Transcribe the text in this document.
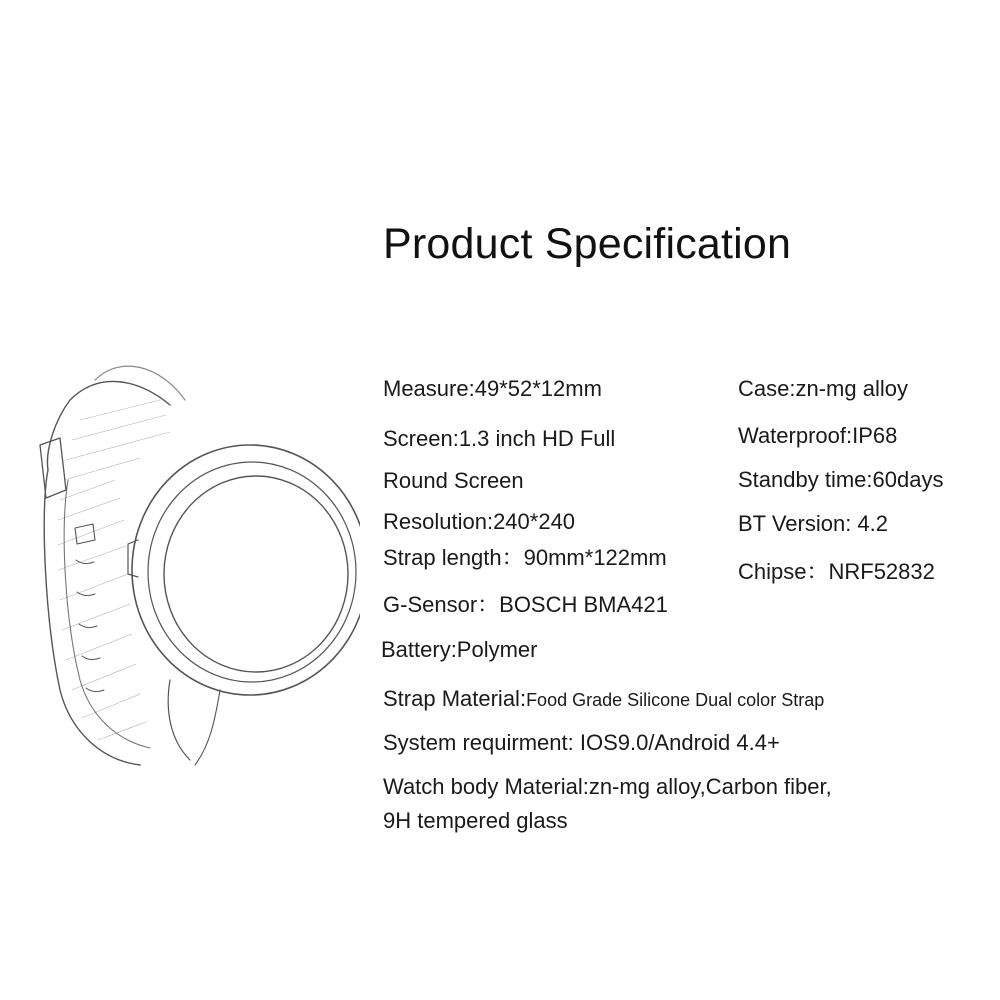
Product Specification
Measure:49*52*12mm
Screen:1.3 inch HD Full
Round Screen
Resolution:240*240
Strap length：90mm*122mm
G-Sensor：BOSCH BMA421
Battery:Polymer
Case:zn-mg alloy
Waterproof:IP68
Standby time:60days
BT Version: 4.2
Chipse：NRF52832
Strap Material:Food Grade Silicone Dual color Strap
System requirment: IOS9.0/Android 4.4+
Watch body Material:zn-mg alloy,Carbon fiber,
9H tempered glass
